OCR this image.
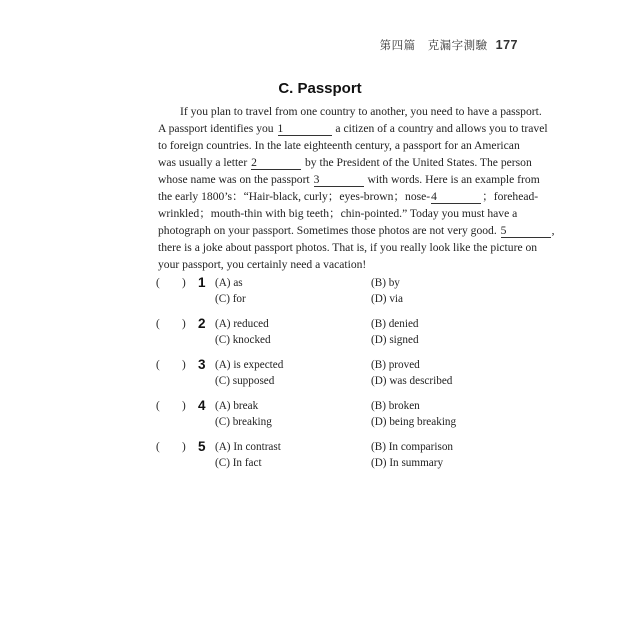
第四篇　克漏字測驗 177
C. Passport
If you plan to travel from one country to another, you need to have a passport.
A passport identifies you 1	a citizen of a country and allows you to travel
to foreign countries. In the late eighteenth century, a passport for an American
was usually a letter 2	by the President of the United States. The person
whose name was on the passport 3	with words. Here is an example from
the early 1800’s：“Hair-black, curly；eyes-brown；nose-4	；forehead-
wrinkled；mouth-thin with big teeth；chin-pointed.” Today you must have a
photograph on your passport. Sometimes those photos are not very good. 5	,
there is a joke about passport photos. That is, if you really look like the picture on
your passport, you certainly need a vacation!
( ) 1 (A) as	(B) by
(C) for	(D) via
( ) 2 (A) reduced	(B) denied
(C) knocked	(D) signed
( ) 3 (A) is expected	(B) proved
(C) supposed	(D) was described
( ) 4 (A) break	(B) broken
(C) breaking	(D) being breaking
( ) 5 (A) In contrast	(B) In comparison
(C) In fact	(D) In summary
